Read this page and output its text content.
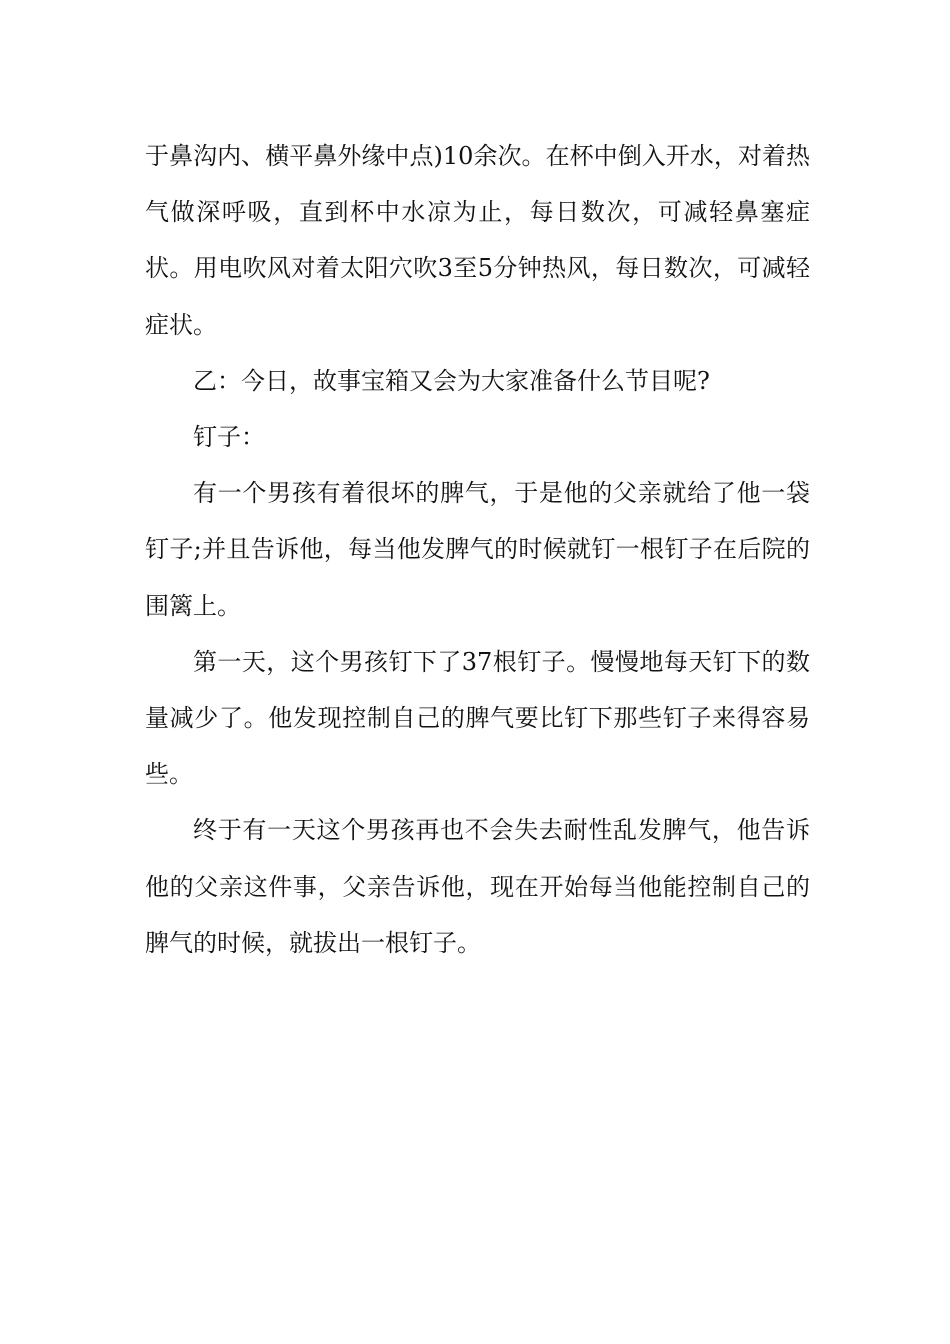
于鼻沟内、横平鼻外缘中点)10余次。在杯中倒入开水，对着热气做深呼吸，直到杯中水凉为止，每日数次，可减轻鼻塞症状。用电吹风对着太阳穴吹3至5分钟热风，每日数次，可减轻症状。

乙：今日，故事宝箱又会为大家准备什么节目呢?

钉子：

有一个男孩有着很坏的脾气，于是他的父亲就给了他一袋钉子;并且告诉他，每当他发脾气的时候就钉一根钉子在后院的围篱上。

第一天，这个男孩钉下了37根钉子。慢慢地每天钉下的数量减少了。他发现控制自己的脾气要比钉下那些钉子来得容易些。

终于有一天这个男孩再也不会失去耐性乱发脾气，他告诉他的父亲这件事，父亲告诉他，现在开始每当他能控制自己的脾气的时候，就拔出一根钉子。
